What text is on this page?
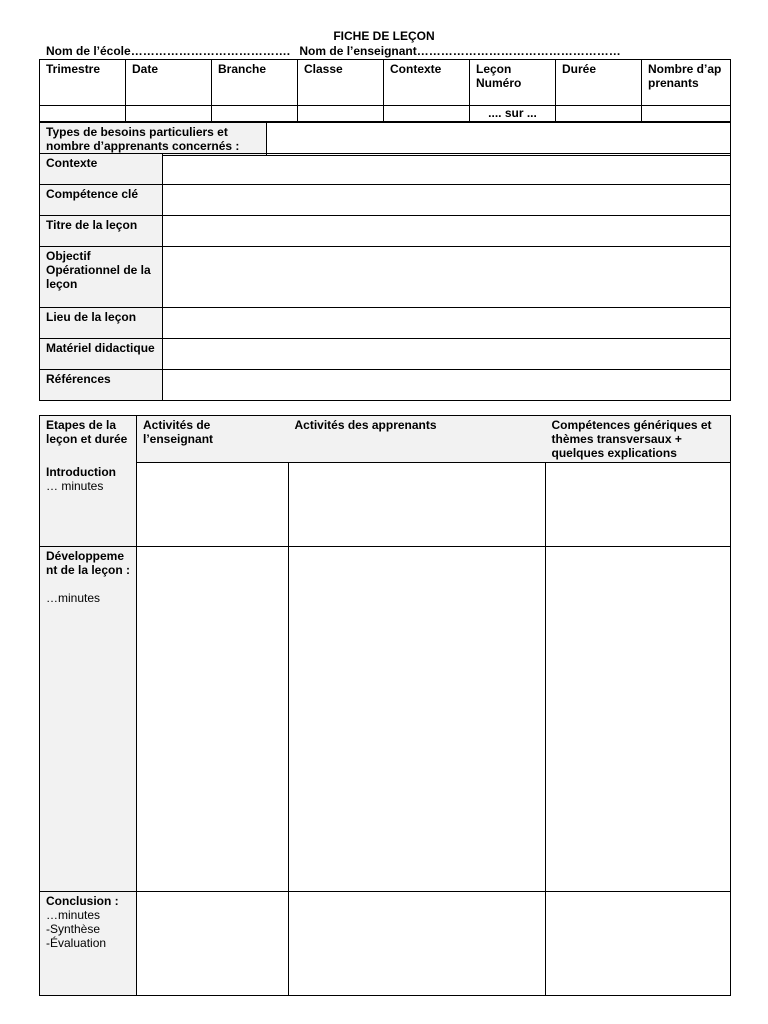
FICHE DE LEÇON
Nom de l’école…………………………………. Nom de l’enseignant……………………………………………
Trimestre	Date	Branche	Classe	Contexte	Leçon Numéro	Durée	Nombre d’apprenants
					.... sur ...		
Types de besoins particuliers et nombre d’apprenants concernés :	
Contexte	
Compétence clé	
Titre de la leçon	
Objectif Opérationnel de la leçon	
Lieu de la leçon	
Matériel didactique	
Références	
Etapes de la leçon et durée	Activités de l’enseignant	Activités des apprenants	Compétences génériques et thèmes transversaux + quelques explications

Introduction
… minutes			

Développement de la leçon :
…minutes			

Conclusion :
…minutes
-Synthèse
-Évaluation			
